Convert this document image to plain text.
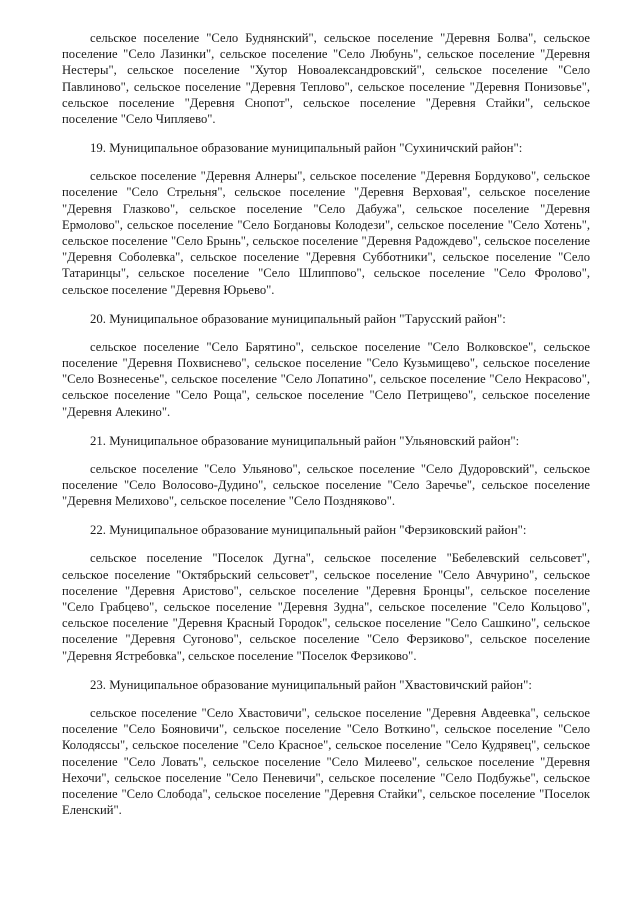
сельское поселение "Село Буднянский", сельское поселение "Деревня Болва", сельское поселение "Село Лазинки", сельское поселение "Село Любунь", сельское поселение "Деревня Нестеры", сельское поселение "Хутор Новоалександровский", сельское поселение "Село Павлиново", сельское поселение "Деревня Теплово", сельское поселение "Деревня Понизовье", сельское поселение "Деревня Снопот", сельское поселение "Деревня Стайки", сельское поселение "Село Чипляево".

19. Муниципальное образование муниципальный район "Сухиничский район":

сельское поселение "Деревня Алнеры", сельское поселение "Деревня Бордуково", сельское поселение "Село Стрельня", сельское поселение "Деревня Верховая", сельское поселение "Деревня Глазково", сельское поселение "Село Дабужа", сельское поселение "Деревня Ермолово", сельское поселение "Село Богдановы Колодези", сельское поселение "Село Хотень", сельское поселение "Село Брынь", сельское поселение "Деревня Радождево", сельское поселение "Деревня Соболевка", сельское поселение "Деревня Субботники", сельское поселение "Село Татаринцы", сельское поселение "Село Шлиппово", сельское поселение "Село Фролово", сельское поселение "Деревня Юрьево".

20. Муниципальное образование муниципальный район "Тарусский район":

сельское поселение "Село Барятино", сельское поселение "Село Волковское", сельское поселение "Деревня Похвиснево", сельское поселение "Село Кузьмищево", сельское поселение "Село Вознесенье", сельское поселение "Село Лопатино", сельское поселение "Село Некрасово", сельское поселение "Село Роща", сельское поселение "Село Петрищево", сельское поселение "Деревня Алекино".

21. Муниципальное образование муниципальный район "Ульяновский район":

сельское поселение "Село Ульяново", сельское поселение "Село Дудоровский", сельское поселение "Село Волосово-Дудино", сельское поселение "Село Заречье", сельское поселение "Деревня Мелихово", сельское поселение "Село Поздняково".

22. Муниципальное образование муниципальный район "Ферзиковский район":

сельское поселение "Поселок Дугна", сельское поселение "Бебелевский сельсовет", сельское поселение "Октябрьский сельсовет", сельское поселение "Село Авчурино", сельское поселение "Деревня Аристово", сельское поселение "Деревня Бронцы", сельское поселение "Село Грабцево", сельское поселение "Деревня Зудна", сельское поселение "Село Кольцово", сельское поселение "Деревня Красный Городок", сельское поселение "Село Сашкино", сельское поселение "Деревня Сугоново", сельское поселение "Село Ферзиково", сельское поселение "Деревня Ястребовка", сельское поселение "Поселок Ферзиково".

23. Муниципальное образование муниципальный район "Хвастовичский район":

сельское поселение "Село Хвастовичи", сельское поселение "Деревня Авдеевка", сельское поселение "Село Бояновичи", сельское поселение "Село Воткино", сельское поселение "Село Колодяссы", сельское поселение "Село Красное", сельское поселение "Село Кудрявец", сельское поселение "Село Ловать", сельское поселение "Село Милеево", сельское поселение "Деревня Нехочи", сельское поселение "Село Пеневичи", сельское поселение "Село Подбужье", сельское поселение "Село Слобода", сельское поселение "Деревня Стайки", сельское поселение "Поселок Еленский".
